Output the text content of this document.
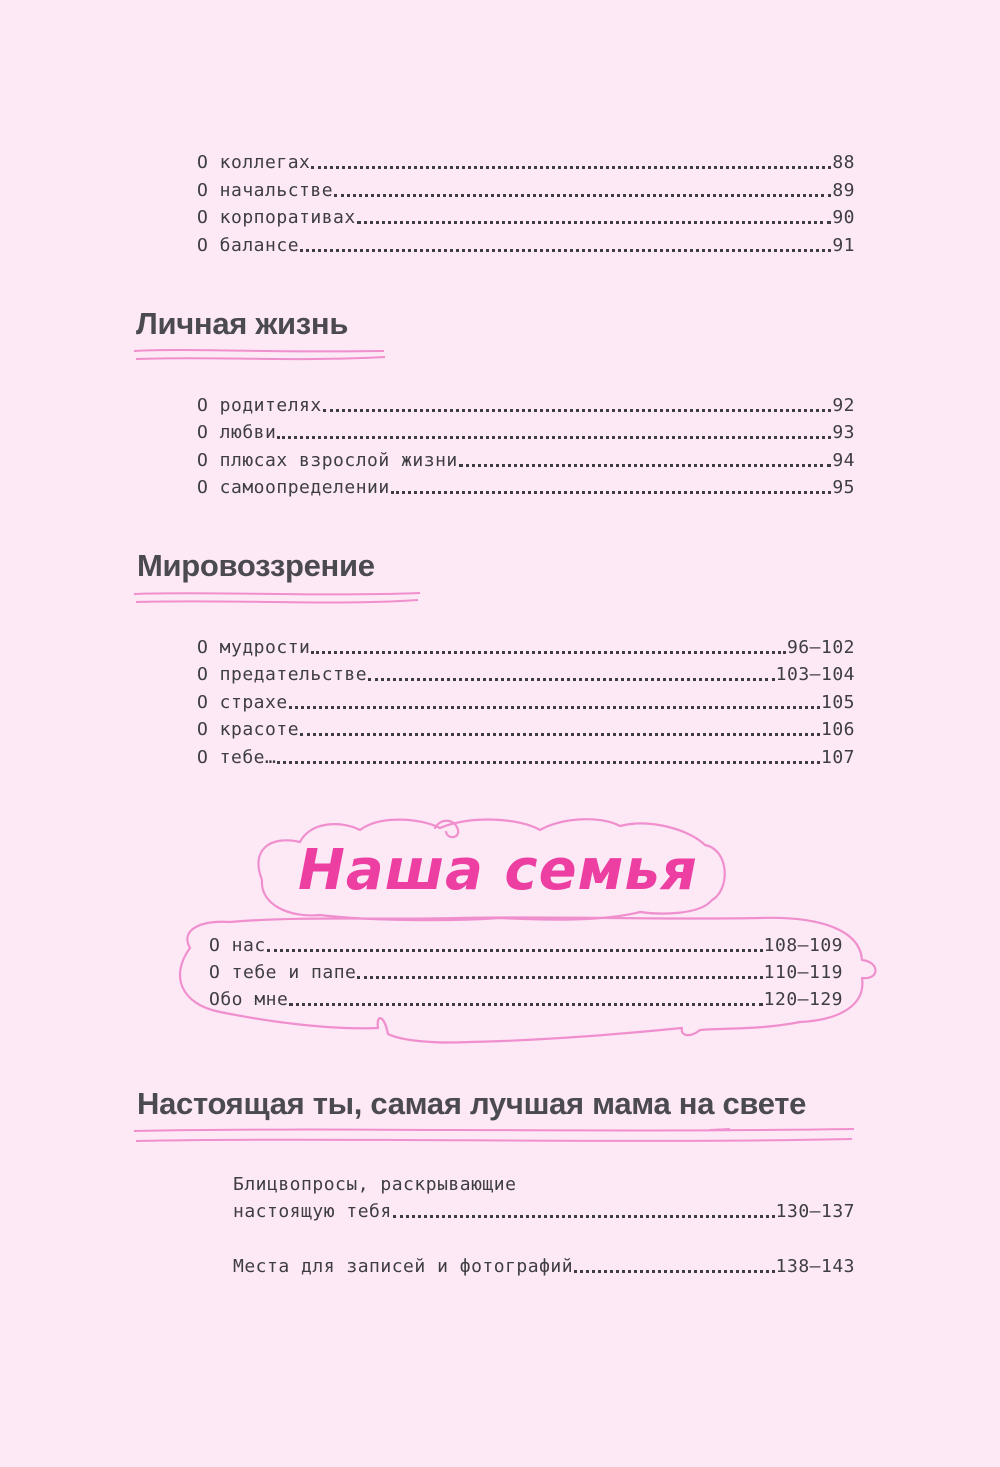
О коллегах	88
О начальстве	89
О корпоративах	90
О балансе	91
Личная жизнь
О родителях	92
О любви	93
О плюсах взрослой жизни	94
О самоопределении	95
Мировоззрение
О мудрости	96–102
О предательстве	103–104
О страхе	105
О красоте	106
О тебе…	107
Наша семья
О нас	108–109
О тебе и папе	110–119
Обо мне	120–129
Настоящая ты, самая лучшая мама на свете
Блицвопросы, раскрывающие
настоящую тебя	130–137
Места для записей и фотографий	138–143
